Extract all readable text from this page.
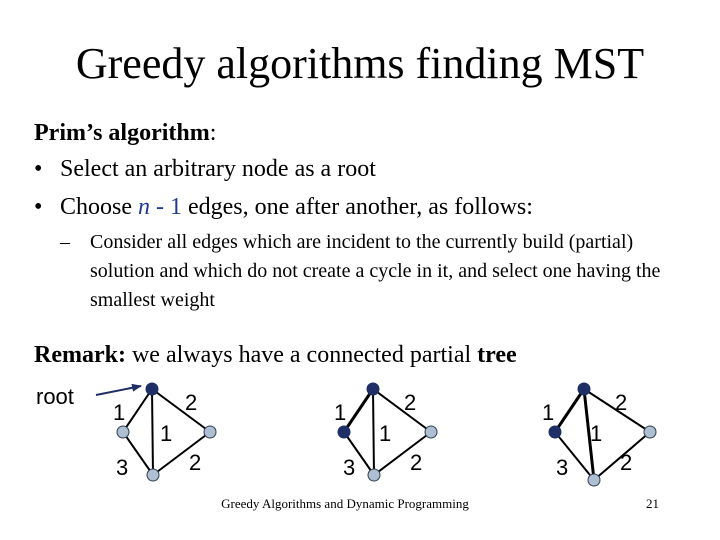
Greedy algorithms finding MST
Prim’s algorithm:
• Select an arbitrary node as a root
• Choose n - 1 edges, one after another, as follows:
– Consider all edges which are incident to the currently build (partial) solution and which do not create a cycle in it, and select one having the smallest weight
Remark: we always have a connected partial tree
root
1	2
1
3	2
1	2
1
3 2
1	2
1
3 2
Greedy Algorithms and Dynamic Programming	21
